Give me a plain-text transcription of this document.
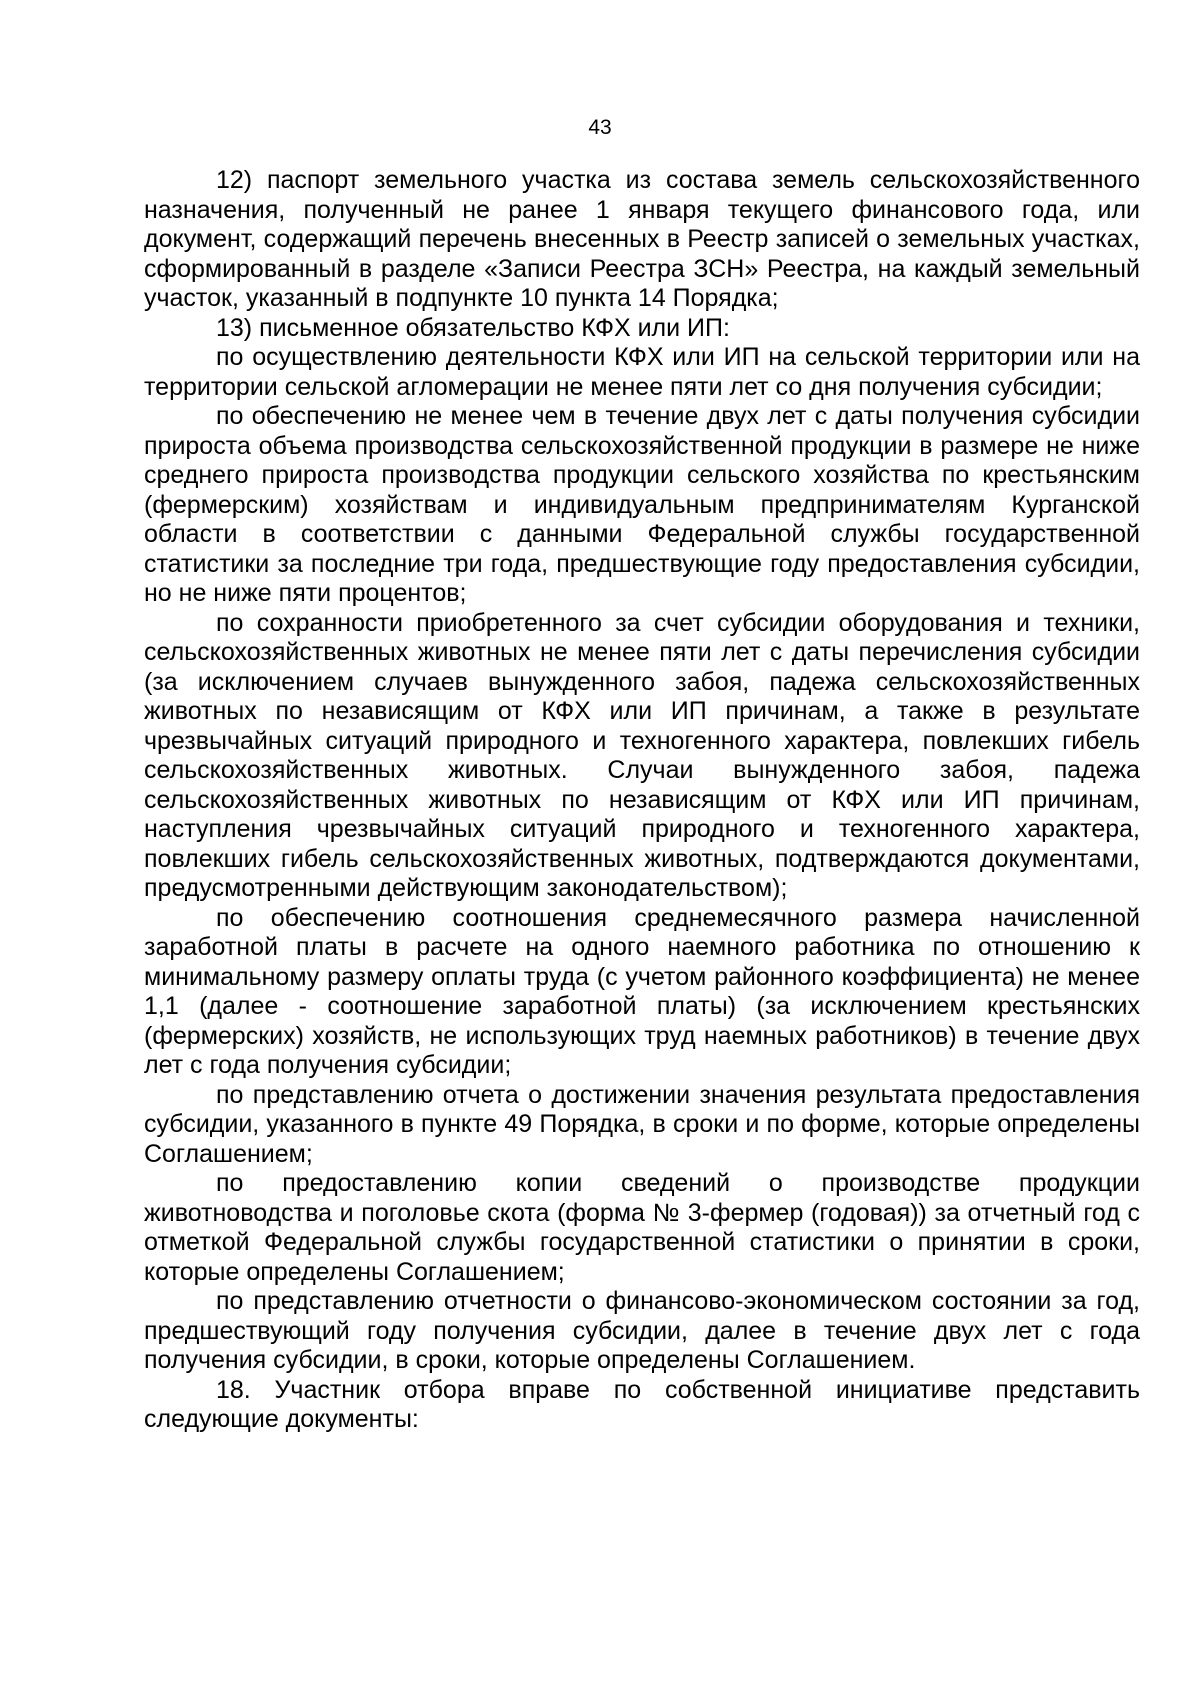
43

12) паспорт земельного участка из состава земель сельскохозяйственного назначения, полученный не ранее 1 января текущего финансового года, или документ, содержащий перечень внесенных в Реестр записей о земельных участках, сформированный в разделе «Записи Реестра ЗСН» Реестра, на каждый земельный участок, указанный в подпункте 10 пункта 14 Порядка;

13) письменное обязательство КФХ или ИП:

по осуществлению деятельности КФХ или ИП на сельской территории или на территории сельской агломерации не менее пяти лет со дня получения субсидии;

по обеспечению не менее чем в течение двух лет с даты получения субсидии прироста объема производства сельскохозяйственной продукции в размере не ниже среднего прироста производства продукции сельского хозяйства по крестьянским (фермерским) хозяйствам и индивидуальным предпринимателям Курганской области в соответствии с данными Федеральной службы государственной статистики за последние три года, предшествующие году предоставления субсидии, но не ниже пяти процентов;

по сохранности приобретенного за счет субсидии оборудования и техники, сельскохозяйственных животных не менее пяти лет с даты перечисления субсидии (за исключением случаев вынужденного забоя, падежа сельскохозяйственных животных по независящим от КФХ или ИП причинам, а также в результате чрезвычайных ситуаций природного и техногенного характера, повлекших гибель сельскохозяйственных животных. Случаи вынужденного забоя, падежа сельскохозяйственных животных по независящим от КФХ или ИП причинам, наступления чрезвычайных ситуаций природного и техногенного характера, повлекших гибель сельскохозяйственных животных, подтверждаются документами, предусмотренными действующим законодательством);

по обеспечению соотношения среднемесячного размера начисленной заработной платы в расчете на одного наемного работника по отношению к минимальному размеру оплаты труда (с учетом районного коэффициента) не менее 1,1 (далее - соотношение заработной платы) (за исключением крестьянских (фермерских) хозяйств, не использующих труд наемных работников) в течение двух лет с года получения субсидии;

по представлению отчета о достижении значения результата предоставления субсидии, указанного в пункте 49 Порядка, в сроки и по форме, которые определены Соглашением;

по предоставлению копии сведений о производстве продукции животноводства и поголовье скота (форма № 3-фермер (годовая)) за отчетный год с отметкой Федеральной службы государственной статистики о принятии в сроки, которые определены Соглашением;

по представлению отчетности о финансово-экономическом состоянии за год, предшествующий году получения субсидии, далее в течение двух лет с года получения субсидии, в сроки, которые определены Соглашением.

18. Участник отбора вправе по собственной инициативе представить следующие документы:
